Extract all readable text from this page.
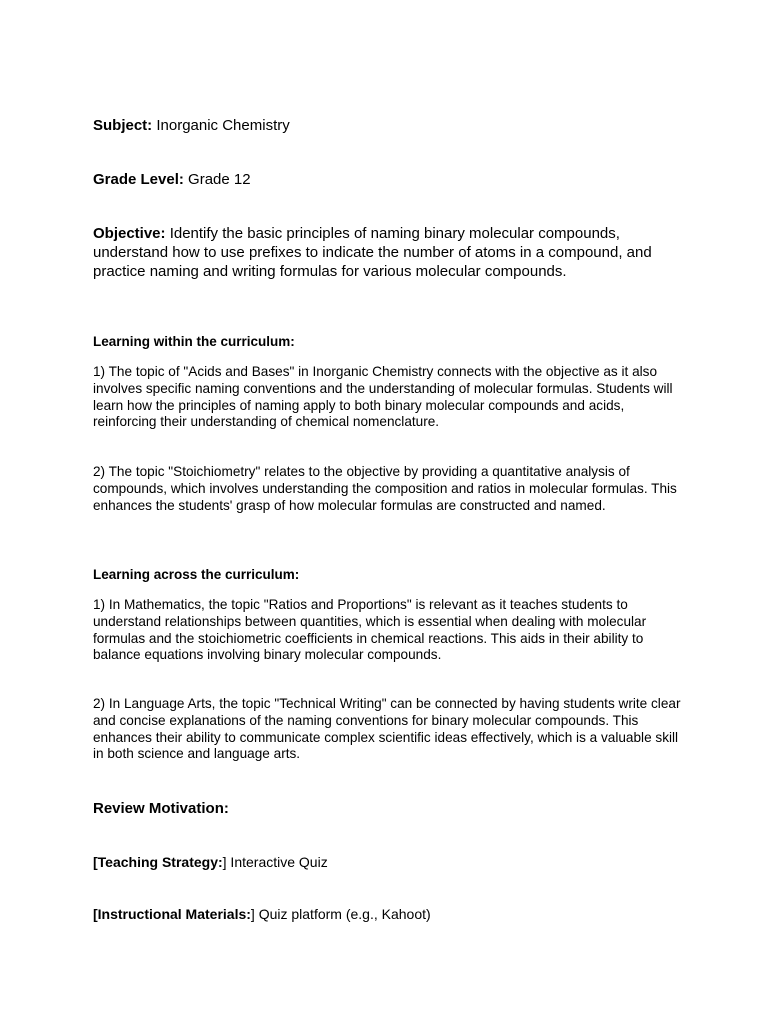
Subject: Inorganic Chemistry

Grade Level: Grade 12

Objective: Identify the basic principles of naming binary molecular compounds, understand how to use prefixes to indicate the number of atoms in a compound, and practice naming and writing formulas for various molecular compounds.

Learning within the curriculum:

1) The topic of "Acids and Bases" in Inorganic Chemistry connects with the objective as it also involves specific naming conventions and the understanding of molecular formulas. Students will learn how the principles of naming apply to both binary molecular compounds and acids, reinforcing their understanding of chemical nomenclature.

2) The topic "Stoichiometry" relates to the objective by providing a quantitative analysis of compounds, which involves understanding the composition and ratios in molecular formulas. This enhances the students' grasp of how molecular formulas are constructed and named.

Learning across the curriculum:

1) In Mathematics, the topic "Ratios and Proportions" is relevant as it teaches students to understand relationships between quantities, which is essential when dealing with molecular formulas and the stoichiometric coefficients in chemical reactions. This aids in their ability to balance equations involving binary molecular compounds.

2) In Language Arts, the topic "Technical Writing" can be connected by having students write clear and concise explanations of the naming conventions for binary molecular compounds. This enhances their ability to communicate complex scientific ideas effectively, which is a valuable skill in both science and language arts.

Review Motivation:

[Teaching Strategy:] Interactive Quiz

[Instructional Materials:] Quiz platform (e.g., Kahoot)
